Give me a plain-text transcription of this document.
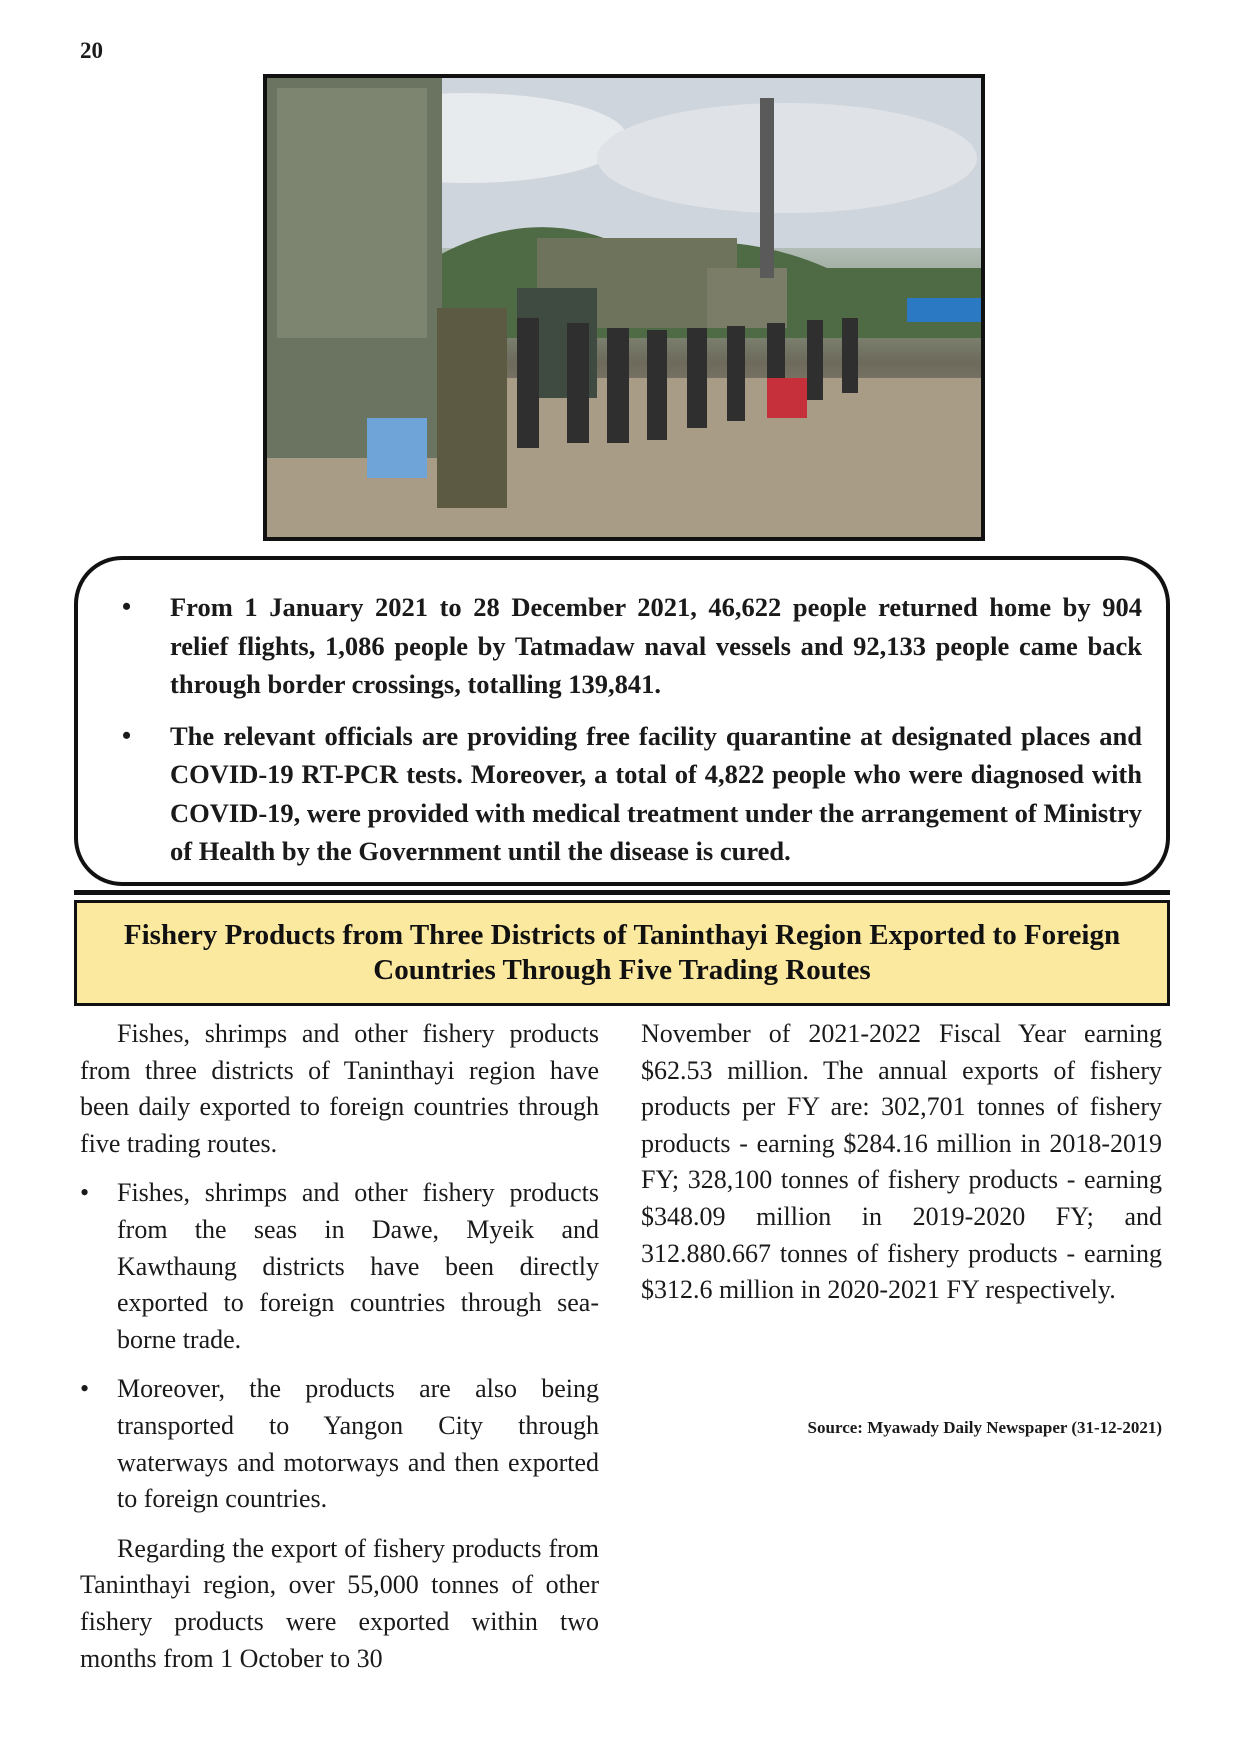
20
• From 1 January 2021 to 28 December 2021, 46,622 people returned home by 904 relief flights, 1,086 people by Tatmadaw naval vessels and 92,133 people came back through border crossings, totalling 139,841.
• The relevant officials are providing free facility quarantine at designated places and COVID-19 RT-PCR tests. Moreover, a total of 4,822 people who were diagnosed with COVID-19, were provided with medical treatment under the arrangement of Ministry of Health by the Government until the disease is cured.
Fishery Products from Three Districts of Taninthayi Region Exported to Foreign Countries Through Five Trading Routes

Fishes, shrimps and other fishery products from three districts of Taninthayi region have been daily exported to foreign countries through five trading routes.

• Fishes, shrimps and other fishery products from the seas in Dawe, Myeik and Kawthaung districts have been directly exported to foreign countries through sea-borne trade.
• Moreover, the products are also being transported to Yangon City through waterways and motorways and then exported to foreign countries.

Regarding the export of fishery products from Taninthayi region, over 55,000 tonnes of other fishery products were exported within two months from 1 October to 30

November of 2021-2022 Fiscal Year earning $62.53 million. The annual exports of fishery products per FY are: 302,701 tonnes of fishery products - earning $284.16 million in 2018-2019 FY; 328,100 tonnes of fishery products - earning $348.09 million in 2019-2020 FY; and 312.880.667 tonnes of fishery products - earning $312.6 million in 2020-2021 FY respectively.

Source: Myawady Daily Newspaper (31-12-2021)
